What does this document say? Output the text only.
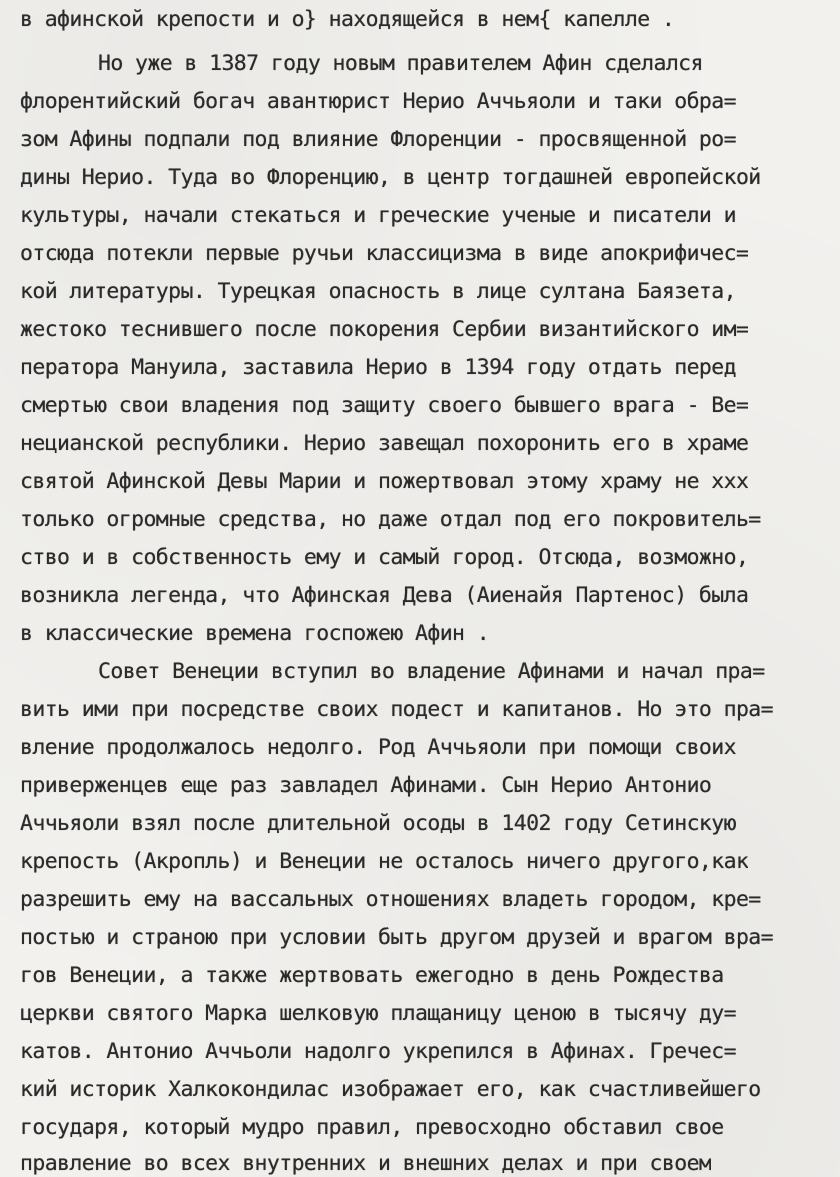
в афинской крепости и о} находящейся в нем{ капелле .
Но уже в 1387 году новым правителем Афин сделался
флорентийский богач авантюрист Нерио Аччьяоли и таки обра=
зом Афины подпали под влияние Флоренции - просвященной ро=
дины Нерио. Туда во Флоренцию, в центр тогдашней европейской
культуры, начали стекаться и греческие ученые и писатели и
отсюда потекли первые ручьи классицизма в виде апокрифичес=
кой литературы. Турецкая опасность в лице султана Баязета,
жестоко теснившего после покорения Сербии византийского им=
ператора Мануила, заставила Нерио в 1394 году отдать перед
смертью свои владения под защиту своего бывшего врага - Ве=
нецианской республики. Нерио завещал похоронить его в храме
святой Афинской Девы Марии и пожертвовал этому храму не ххх
только огромные средства, но даже отдал под его покровитель=
ство и в собственность ему и самый город. Отсюда, возможно,
возникла легенда, что Афинская Дева (Аиенайя Партенос) была
в классические времена госпожею Афин .
Совет Венеции вступил во владение Афинами и начал пра=
вить ими при посредстве своих подест и капитанов. Но это пра=
вление продолжалось недолго. Род Аччьяоли при помощи своих
приверженцев еще раз завладел Афинами. Сын Нерио Антонио
Аччьяоли взял после длительной осоды в 1402 году Сетинскую
крепость (Акропль) и Венеции не осталось ничего другого,как
разрешить ему на вассальных отношениях владеть городом, кре=
постью и страною при условии быть другом друзей и врагом вра=
гов Венеции, а также жертвовать ежегодно в день Рождества
церкви святого Марка шелковую плащаницу ценою в тысячу ду=
катов. Антонио Аччьоли надолго укрепился в Афинах. Гречес=
кий историк Халкокондилас изображает его, как счастливейшего
государя, который мудро правил, превосходно обставил свое
правление во всех внутренних и внешних делах и при своем
